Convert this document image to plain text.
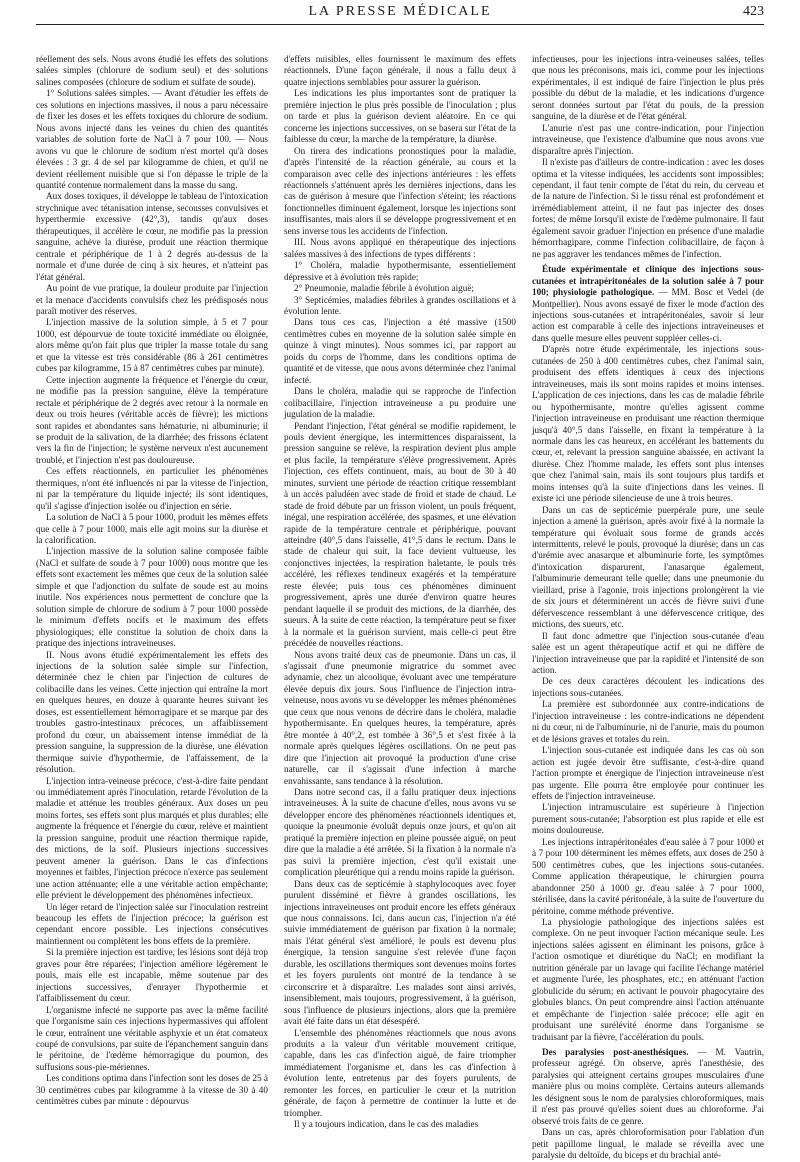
LA PRESSE MÉDICALE	423

réellement des sels. Nous avons étudié les effets des solutions salées simples (chlorure de sodium seul) et des solutions salines composées (chlorure de sodium et sulfate de soude).

1° Solutions salées simples. — Avant d'étudier les effets de ces solutions en injections massives, il nous a paru nécessaire de fixer les doses et les effets toxiques du chlorure de sodium. Nous avons injecté dans les veines du chien des quantités variables de solution forte de NaCl à 7 pour 100. — Nous avons vu que le chlorure de sodium n'est mortel qu'à doses élevées : 3 gr. 4 de sel par kilogramme de chien, et qu'il ne devient réellement nuisible que si l'on dépasse le triple de la quantité contenue normalement dans la masse du sang.

Aux doses toxiques, il développe le tableau de l'intoxication strychnique avec tétanisation intense, secousses convulsives et hyperthermie excessive (42°,3), tandis qu'aux doses thérapeutiques, il accélère le cœur, ne modifie pas la pression sanguine, achève la diurèse, produit une réaction thermique centrale et périphérique de 1 à 2 degrés au-dessus de la normale et d'une durée de cinq à six heures, et n'atteint pas l'état général.

Au point de vue pratique, la douleur produite par l'injection et la menace d'accidents convulsifs chez les prédisposés nous paraît motiver des réserves.

L'injection massive de la solution simple, à 5 et 7 pour 1000, est dépourvue de toute toxicité immédiate ou éloignée, alors même qu'on fait plus que tripler la masse totale du sang et que la vitesse est très considérable (86 à 261 centimètres cubes par kilogramme, 15 à 87 centimètres cubes par minute).

Cette injection augmente la fréquence et l'énergie du cœur, ne modifie pas la pression sanguine, élève la température rectale et périphérique de 2 degrés avec retour à la normale en deux ou trois heures (véritable accès de fièvre); les mictions sont rapides et abondantes sans hématurie, ni albuminurie; il se produit de la salivation, de la diarrhée; des frissons éclatent vers la fin de l'injection; le système nerveux n'est aucunement troublé, et l'injection n'est pas douloureuse.

Ces effets réactionnels, en particulier les phénomènes thermiques, n'ont été influencés ni par la vitesse de l'injection, ni par la température du liquide injecté; ils sont identiques, qu'il s'agisse d'injection isolée ou d'injection en série.

La solution de NaCl à 5 pour 1000, produit les mêmes effets que celle à 7 pour 1000, mais elle agit moins sur la diurèse et la calorification.

L'injection massive de la solution saline composée faible (NaCl et sulfate de soude à 7 pour 1000) nous montre que les effets sont exactement les mêmes que ceux de la solution salée simple et que l'adjonction du sulfate de soude est au moins inutile. Nos expériences nous permettent de conclure que la solution simple de chlorure de sodium à 7 pour 1000 possède le minimum d'effets nocifs et le maximum des effets physiologiques; elle constitue la solution de choix dans la pratique des injections intraveineuses.

II. Nous avons étudié expérimentalement les effets des injections de la solution salée simple sur l'infection, déterminée chez le chien par l'injection de cultures de colibacille dans les veines. Cette injection qui entraîne la mort en quelques heures, en douze à quarante heures suivant les doses, est essentiellement hémorragipare et se marque par des troubles gastro-intestinaux précoces, un affaiblissement profond du cœur, un abaissement intense immédiat de la pression sanguine, la suppression de la diurèse, une élévation thermique suivie d'hypothermie, de l'affaissement, de la résolution.

L'injection intra-veineuse précoce, c'est-à-dire faite pendant ou immédiatement après l'inoculation, retarde l'évolution de la maladie et atténue les troubles généraux. Aux doses un peu moins fortes, ses effets sont plus marqués et plus durables; elle augmente la fréquence et l'énergie du cœur, relève et maintient la pression sanguine, produit une réaction thermique rapide, des mictions, de la soif. Plusieurs injections successives peuvent amener la guérison. Dans le cas d'infections moyennes et faibles, l'injection précoce n'exerce pas seulement une action atténuante; elle a une véritable action empêchante; elle prévient le développement des phénomènes infectieux.

Un léger retard de l'injection salée sur l'inoculation restreint beaucoup les effets de l'injection précoce; la guérison est cependant encore possible. Les injections consécutives maintiennent ou complètent les bons effets de la première.

Si la première injection est tardive, les lésions sont déjà trop graves pour être réparées; l'injection améliore légèrement le pouls, mais elle est incapable, même soutenue par des injections successives, d'enrayer l'hypothermie et l'affaiblissement du cœur.

L'organisme infecté ne supporte pas avec la même facilité que l'organisme sain ces injections hypermassives qui affolent le cœur, entraînent une véritable asphyxie et un état comateux coupé de convulsions, par suite de l'épanchement sanguin dans le péritoine, de l'œdème hémorragique du poumon, des suffusions sous-pie-mériennes.

Les conditions optima dans l'infection sont les doses de 25 à 30 centimètres cubes par kilogramme à la vitesse de 30 à 40 centimètres cubes par minute : dépourvus

d'effets nuisibles, elles fournissent le maximum des effets réactionnels. D'une façon générale, il nous a fallu deux à quatre injections semblables pour assurer la guérison.

Les indications les plus importantes sont de pratiquer la première injection le plus près possible de l'inoculation ; plus on tarde et plus la guérison devient aléatoire. En ce qui concerne les injections successives, on se basera sur l'état de la faiblesse du cœur, la marche de la température, la diurèse.

On tirera des indications pronostiques pour la maladie, d'après l'intensité de la réaction générale, au cours et la comparaison avec celle des injections antérieures : les effets réactionnels s'atténuent après les dernières injections, dans les cas de guérison à mesure que l'infection s'éteint; les réactions fonctionnelles diminuent également, lorsque les injections sont insuffisantes, mais alors il se développe progressivement et en sens inverse tous les accidents de l'infection.

III. Nous avons appliqué en thérapeutique des injections salées massives à des infections de types différents :

1° Choléra, maladie hypothermisante, essentiellement dépressive et à évolution très rapide;

2° Pneumonie, maladie fébrile à évolution aiguë;

3° Septicémies, maladies fébriles à grandes oscillations et à évolution lente.

Dans tous ces cas, l'injection a été massive (1500 centimètres cubes en moyenne de la solution salée simple en quinze à vingt minutes). Nous sommes ici, par rapport au poids du corps de l'homme, dans les conditions optima de quantité et de vitesse, que nous avons déterminée chez l'animal infecté.

Dans le choléra, maladie qui se rapproche de l'infection colibacillaire, l'injection intraveineuse a pu produire une jugulation de la maladie.

Pendant l'injection, l'état général se modifie rapidement, le pouls devient énergique, les intermittences disparaissent, la pression sanguine se relève, la respiration devient plus ample et plus facile, la température s'élève progressivement. Après l'injection, ces effets continuent, mais, au bout de 30 à 40 minutes, survient une période de réaction critique ressemblant à un accès paludéen avec stade de froid et stade de chaud. Le stade de froid débute par un frisson violent, un pouls fréquent, inégal, une respiration accélérée, des spasmes, et une élévation rapide de la température centrale et périphérique, pouvant atteindre (40°,5 dans l'aisselle, 41°,5 dans le rectum. Dans le stade de chaleur qui suit, la face devient vultueuse, les conjonctives injectées, la respiration haletante, le pouls très accéléré, les réflexes tendineux exagérés et la température reste élevée; puis tous ces phénomènes diminuent progressivement, après une durée d'environ quatre heures pendant laquelle il se produit des mictions, de la diarrhée, des sueurs. À la suite de cette réaction, la température peut se fixer à la normale et la guérison survient, mais celle-ci peut être précédée de nouvelles réactions.

Nous avons traité deux cas de pneumonie. Dans un cas, il s'agissait d'une pneumonie migratrice du sommet avec adynamie, chez un alcoolique, évoluant avec une température élevée depuis dix jours. Sous l'influence de l'injection intra-veineuse, nous avons vu se développer les mêmes phénomènes que ceux que nous venons de décrire dans le choléra, maladie hypothermisante. En quelques heures, la température, après être montée à 40°,2, est tombée à 36°,5 et s'est fixée à la normale après quelques légères oscillations. On ne peut pas dire que l'injection ait provoqué la production d'une crise naturelle, car il s'agissait d'une infection à marche envahissante, sans tendance à la résolution.

Dans notre second cas, il a fallu pratiquer deux injections intraveineuses. À la suite de chacune d'elles, nous avons vu se développer encore des phénomènes réactionnels identiques et, quoique la pneumonie évoluât depuis onze jours, et qu'on ait pratiqué la première injection en pleine poussée aiguë, on peut dire que la maladie a été arrêtée. Si la fixation à la normale n'a pas suivi la première injection, c'est qu'il existait une complication pleurétique qui a rendu moins rapide la guérison.

Dans deux cas de septicémie à staphylocoques avec foyer purulent disséminé et fièvre à grandes oscillations, les injections intraveineuses ont produit encore les effets généraux que nous connaissons. Ici, dans aucun cas, l'injection n'a été suivie immédiatement de guérison par fixation à la normale; mais l'état général s'est amélioré, le pouls est devenu plus énergique, la tension sanguine s'est relevée d'une façon durable, les oscillations thermiques sont devenues moins fortes et les foyers purulents ont montré de la tendance à se circonscrire et à disparaître. Les malades sont ainsi arrivés, insensiblement, mais toujours, progressivement, à la guérison, sous l'influence de plusieurs injections, alors que la première avait été faite dans un état désespéré.

L'ensemble des phénomènes réactionnels que nous avons produits a la valeur d'un véritable mouvement critique, capable, dans les cas d'infection aiguë, de faire triompher immédiatement l'organisme et, dans les cas d'infection à évolution lente, entretenus par des foyers purulents, de remonter les forces, en particulier le cœur et la nutrition générale, de façon à permettre de continuer la lutte et de triompher.

Il y a toujours indication, dans le cas des maladies

infectieuses, pour les injections intra-veineuses salées, telles que nous les préconisons, mais ici, comme pour les injections expérimentales, il est indiqué de faire l'injection le plus près possible du début de la maladie, et les indications d'urgence seront données surtout par l'état du pouls, de la pression sanguine, de la diurèse et de l'état général.

L'anurie n'est pas une contre-indication, pour l'injection intraveineuse, que l'existence d'albumine que nous avons vue disparaître après l'injection.

Il n'existe pas d'ailleurs de contre-indication : avec les doses optima et la vitesse indiquées, les accidents sont impossibles; cependant, il faut tenir compte de l'état du rein, du cerveau et de la nature de l'infection. Si le tissu rénal est profondément et irrémédiablement atteint, il ne faut pas injecter des doses fortes; de même lorsqu'il existe de l'œdème pulmonaire. Il faut également savoir graduer l'injection en présence d'une maladie hémorrhagipare, comme l'infection colibacillaire, de façon à ne pas aggraver les tendances mêmes de l'infection.

Étude expérimentale et clinique des injections sous-cutanées et intrapéritonéales de la solution salée à 7 pour 100; physiologie pathologique. — MM. Bosc et Vedel (de Montpellier). Nous avons essayé de fixer le mode d'action des injections sous-cutanées et intrapéritonéales, savoir si leur action est comparable à celle des injections intraveineuses et dans quelle mesure elles peuvent suppléer celles-ci.

D'après notre étude expérimentale, les injections sous-cutanées de 250 à 400 centimètres cubes, chez l'animal sain, produisent des effets identiques à ceux des injections intraveineuses, mais ils sont moins rapides et moins intenses. L'application de ces injections, dans les cas de maladie fébrile ou hypothermisante, montre qu'elles agissent comme l'injection intraveineuse en produisant une réaction thermique jusqu'à 40°,5 dans l'aisselle, en fixant la température à la normale dans les cas heureux, en accélérant les battements du cœur, et, relevant la pression sanguine abaissée, en activant la diurèse. Chez l'homme malade, les effets sont plus intenses que chez l'animal sain, mais ils sont toujours plus tardifs et moins intenses qu'à la suite d'injections dans les veines. Il existe ici une période silencieuse de une à trois heures.

Dans un cas de septicémie puerpérale pure, une seule injection a amené la guérison, après avoir fixé à la normale la température qui évoluait sous forme de grands accès intermittents, relevé le pouls, provoqué la diurèse; dans un cas d'urémie avec anasarque et albuminurie forte, les symptômes d'intoxication disparurent, l'anasarque également, l'albuminurie demeurant telle quelle; dans une pneumonie du vieillard, prise à l'agonie, trois injections prolongèrent la vie de six jours et déterminèrent un accès de fièvre suivi d'une défervescence ressemblant à une défervescence critique, des mictions, des sueurs, etc.

Il faut donc admettre que l'injection sous-cutanée d'eau salée est un agent thérapeutique actif et qui ne diffère de l'injection intraveineuse que par la rapidité et l'intensité de son action.

De ces deux caractères découlent les indications des injections sous-cutanées.

La première est subordonnée aux contre-indications de l'injection intraveineuse : les contre-indications ne dépendent ni du cœur, ni de l'albuminurie, ni de l'anurie, mais du poumon et de lésions graves et totales du rein.

L'injection sous-cutanée est indiquée dans les cas où son action est jugée devoir être suffisante, c'est-à-dire quand l'action prompte et énergique de l'injection intraveineuse n'est pas urgente. Elle pourra être employée pour continuer les effets de l'injection intraveineuse.

L'injection intramusculaire est supérieure à l'injection purement sous-cutanée; l'absorption est plus rapide et elle est moins douloureuse.

Les injections intrapéritonéales d'eau salée à 7 pour 1000 et à 7 pour 100 déterminent les mêmes effets, aux doses de 250 à 500 centimètres cubes, que les injections sous-cutanées. Comme application thérapeutique, le chirurgien pourra abandonner 250 à 1000 gr. d'eau salée à 7 pour 1000, stérilisée, dans la cavité péritonéale, à la suite de l'ouverture du péritoine, comme méthode préventive.

La physiologie pathologique des injections salées est complexe. On ne peut invoquer l'action mécanique seule. Les injections salées agissent en éliminant les poisons, grâce à l'action osmotique et diurétique du NaCl; en modifiant la nutrition générale par un lavage qui facilite l'échange matériel et augmente l'urée, les phosphates, etc.; en atténuant l'action globulicide du sérum; en activant le pouvoir phagocytaire des globules blancs. On peut comprendre ainsi l'action atténuante et empêchante de l'injection salée précoce; elle agit en produisant une surélévité énorme dans l'organisme se traduisant par la fièvre, l'accélération du pouls.

Des paralysies post-anesthésiques. — M. Vautrin, professeur agrégé. On observe, après l'anesthésie, des paralysies qui atteignent certains groupes musculaires d'une manière plus ou moins complète. Certains auteurs allemands les désignent sous le nom de paralysies chloroformiques, mais il n'est pas prouvé qu'elles soient dues au chloroforme. J'ai observé trois faits de ce genre.

Dans un cas, après chloroformisation pour l'ablation d'un petit papillome lingual, le malade se réveilla avec une paralysie du deltoïde, du biceps et du brachial anté-
